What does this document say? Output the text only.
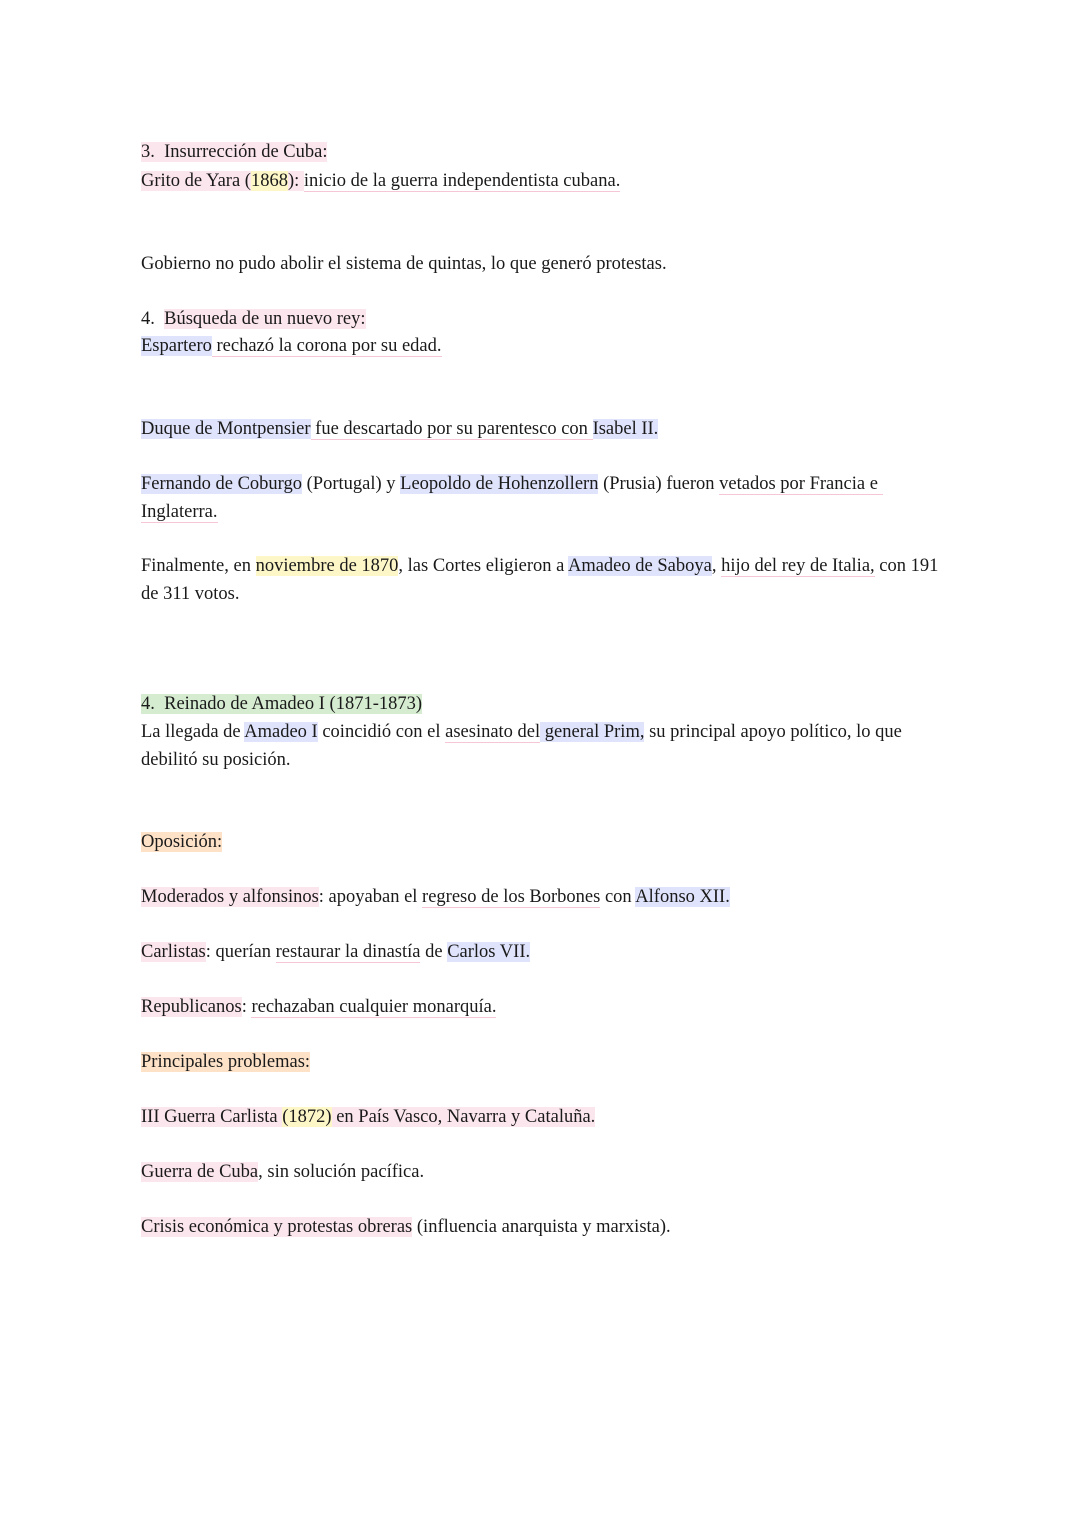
3.  Insurrección de Cuba:
Grito de Yara (1868): inicio de la guerra independentista cubana.
Gobierno no pudo abolir el sistema de quintas, lo que generó protestas.
4.  Búsqueda de un nuevo rey:
Espartero rechazó la corona por su edad.
Duque de Montpensier fue descartado por su parentesco con Isabel II.
Fernando de Coburgo (Portugal) y Leopoldo de Hohenzollern (Prusia) fueron vetados por Francia e Inglaterra.
Finalmente, en noviembre de 1870, las Cortes eligieron a Amadeo de Saboya, hijo del rey de Italia, con 191 de 311 votos.
4.  Reinado de Amadeo I (1871-1873)
La llegada de Amadeo I coincidió con el asesinato del general Prim, su principal apoyo político, lo que debilitó su posición.
Oposición:
Moderados y alfonsinos: apoyaban el regreso de los Borbones con Alfonso XII.
Carlistas: querían restaurar la dinastía de Carlos VII.
Republicanos: rechazaban cualquier monarquía.
Principales problemas:
III Guerra Carlista (1872) en País Vasco, Navarra y Cataluña.
Guerra de Cuba, sin solución pacífica.
Crisis económica y protestas obreras (influencia anarquista y marxista).
